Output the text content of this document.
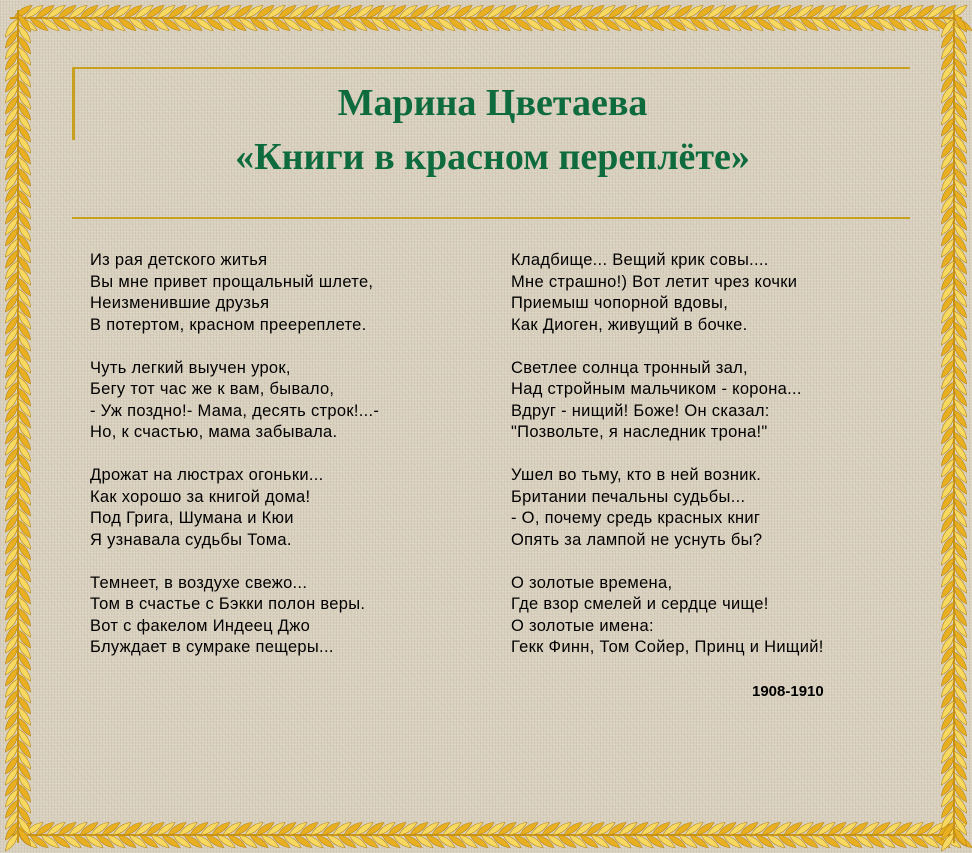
Марина Цветаева
«Книги в красном переплёте»

Из рая детского житья
Вы мне привет прощальный шлете,
Неизменившие друзья
В потертом, красном преереплете.

Чуть легкий выучен урок,
Бегу тот час же к вам, бывало,
- Уж поздно!- Мама, десять строк!...-
Но, к счастью, мама забывала.

Дрожат на люстрах огоньки...
Как хорошо за книгой дома!
Под Грига, Шумана и Кюи
Я узнавала судьбы Тома.

Темнеет, в воздухе свежо...
Том в счастье с Бэкки полон веры.
Вот с факелом Индеец Джо
Блуждает в сумраке пещеры...

Кладбище... Вещий крик совы....
Мне страшно!) Вот летит чрез кочки
Приемыш чопорной вдовы,
Как Диоген, живущий в бочке.

Светлее солнца тронный зал,
Над стройным мальчиком - корона...
Вдруг - нищий! Боже! Он сказал:
"Позвольте, я наследник трона!"

Ушел во тьму, кто в ней возник.
Британии печальны судьбы...
- О, почему средь красных книг
Опять за лампой не уснуть бы?

О золотые времена,
Где взор смелей и сердце чище!
О золотые имена:
Гекк Финн, Том Сойер, Принц и Нищий!

1908-1910
